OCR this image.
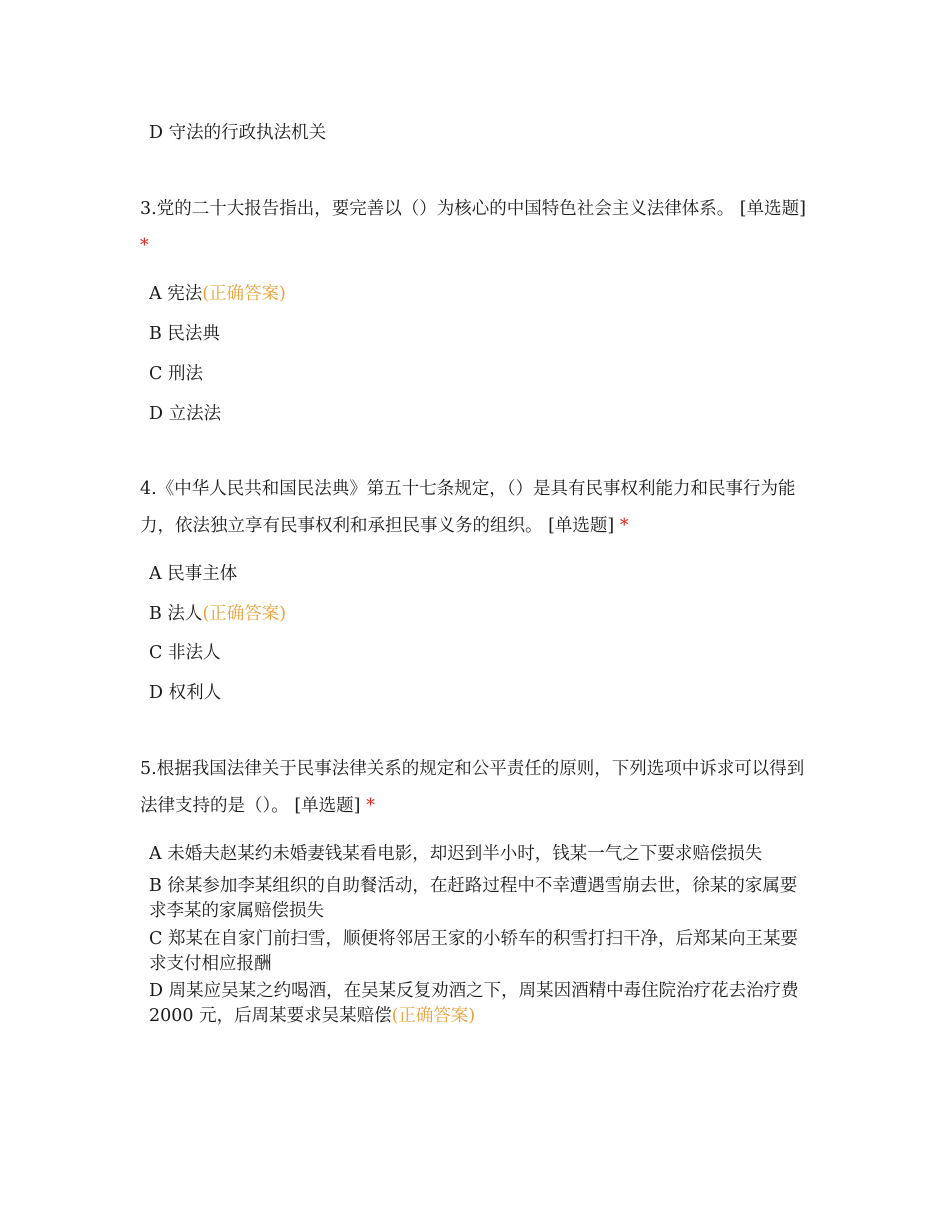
D 守法的行政执法机关
3.党的二十大报告指出，要完善以（）为核心的中国特色社会主义法律体系。 [单选题] *
A 宪法(正确答案)
B 民法典
C 刑法
D 立法法
4.《中华人民共和国民法典》第五十七条规定，（）是具有民事权利能力和民事行为能力，依法独立享有民事权利和承担民事义务的组织。 [单选题] *
A 民事主体
B 法人(正确答案)
C 非法人
D 权利人
5.根据我国法律关于民事法律关系的规定和公平责任的原则，下列选项中诉求可以得到法律支持的是（）。 [单选题] *
A 未婚夫赵某约未婚妻钱某看电影，却迟到半小时，钱某一气之下要求赔偿损失
B 徐某参加李某组织的自助餐活动，在赶路过程中不幸遭遇雪崩去世，徐某的家属要求李某的家属赔偿损失
C 郑某在自家门前扫雪，顺便将邻居王家的小轿车的积雪打扫干净，后郑某向王某要求支付相应报酬
D 周某应吴某之约喝酒，在吴某反复劝酒之下，周某因酒精中毒住院治疗花去治疗费 2000 元，后周某要求吴某赔偿(正确答案)
